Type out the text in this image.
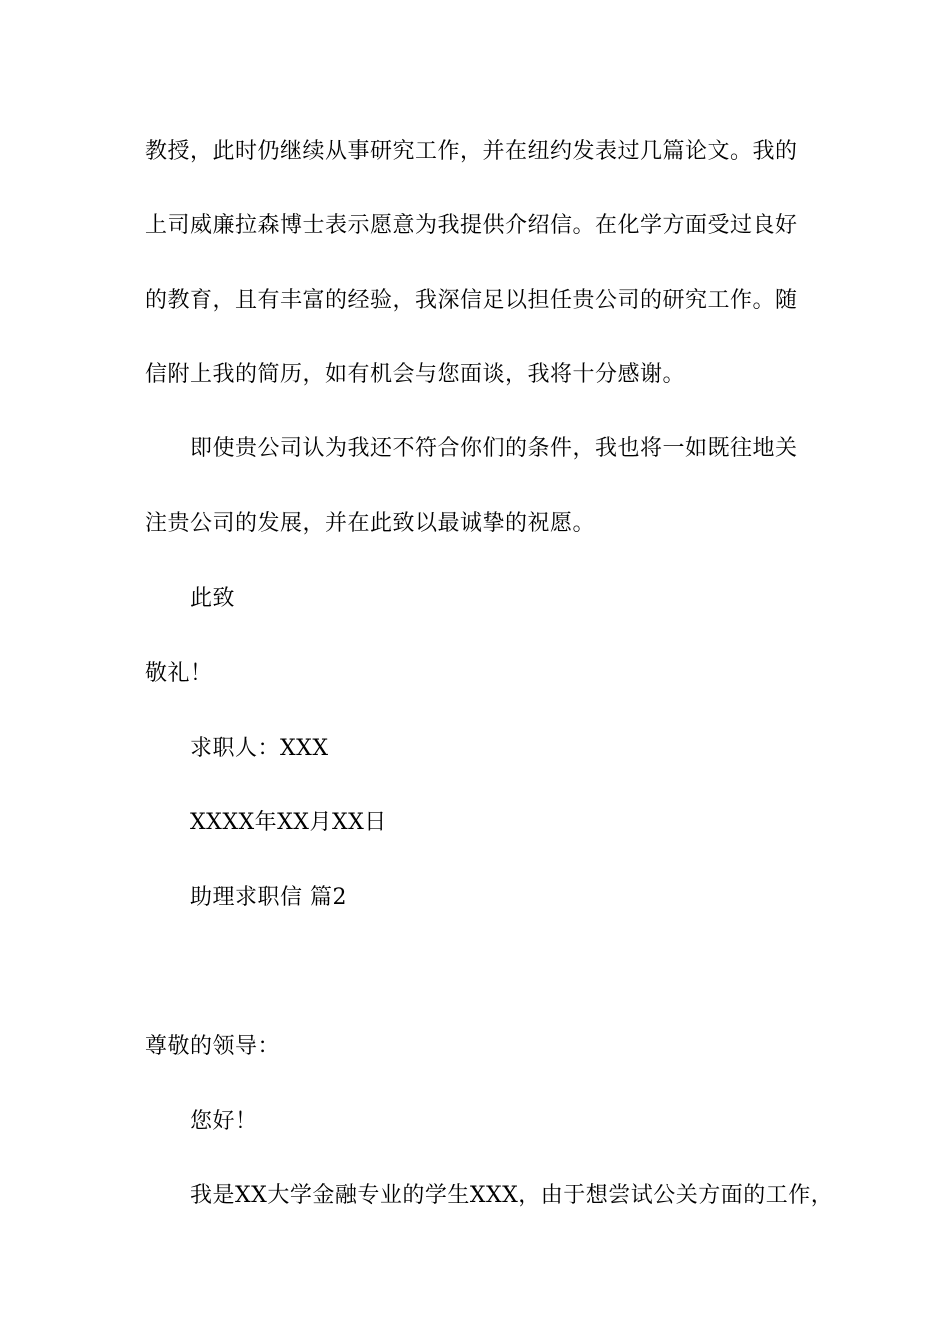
教授，此时仍继续从事研究工作，并在纽约发表过几篇论文。我的
上司威廉拉森博士表示愿意为我提供介绍信。在化学方面受过良好
的教育，且有丰富的经验，我深信足以担任贵公司的研究工作。随
信附上我的简历，如有机会与您面谈，我将十分感谢。
即使贵公司认为我还不符合你们的条件，我也将一如既往地关
注贵公司的发展，并在此致以最诚挚的祝愿。
此致
敬礼！
求职人：XXX
XXXX年XX月XX日
助理求职信 篇2
尊敬的领导：
您好！
我是XX大学金融专业的学生XXX，由于想尝试公关方面的工作，
